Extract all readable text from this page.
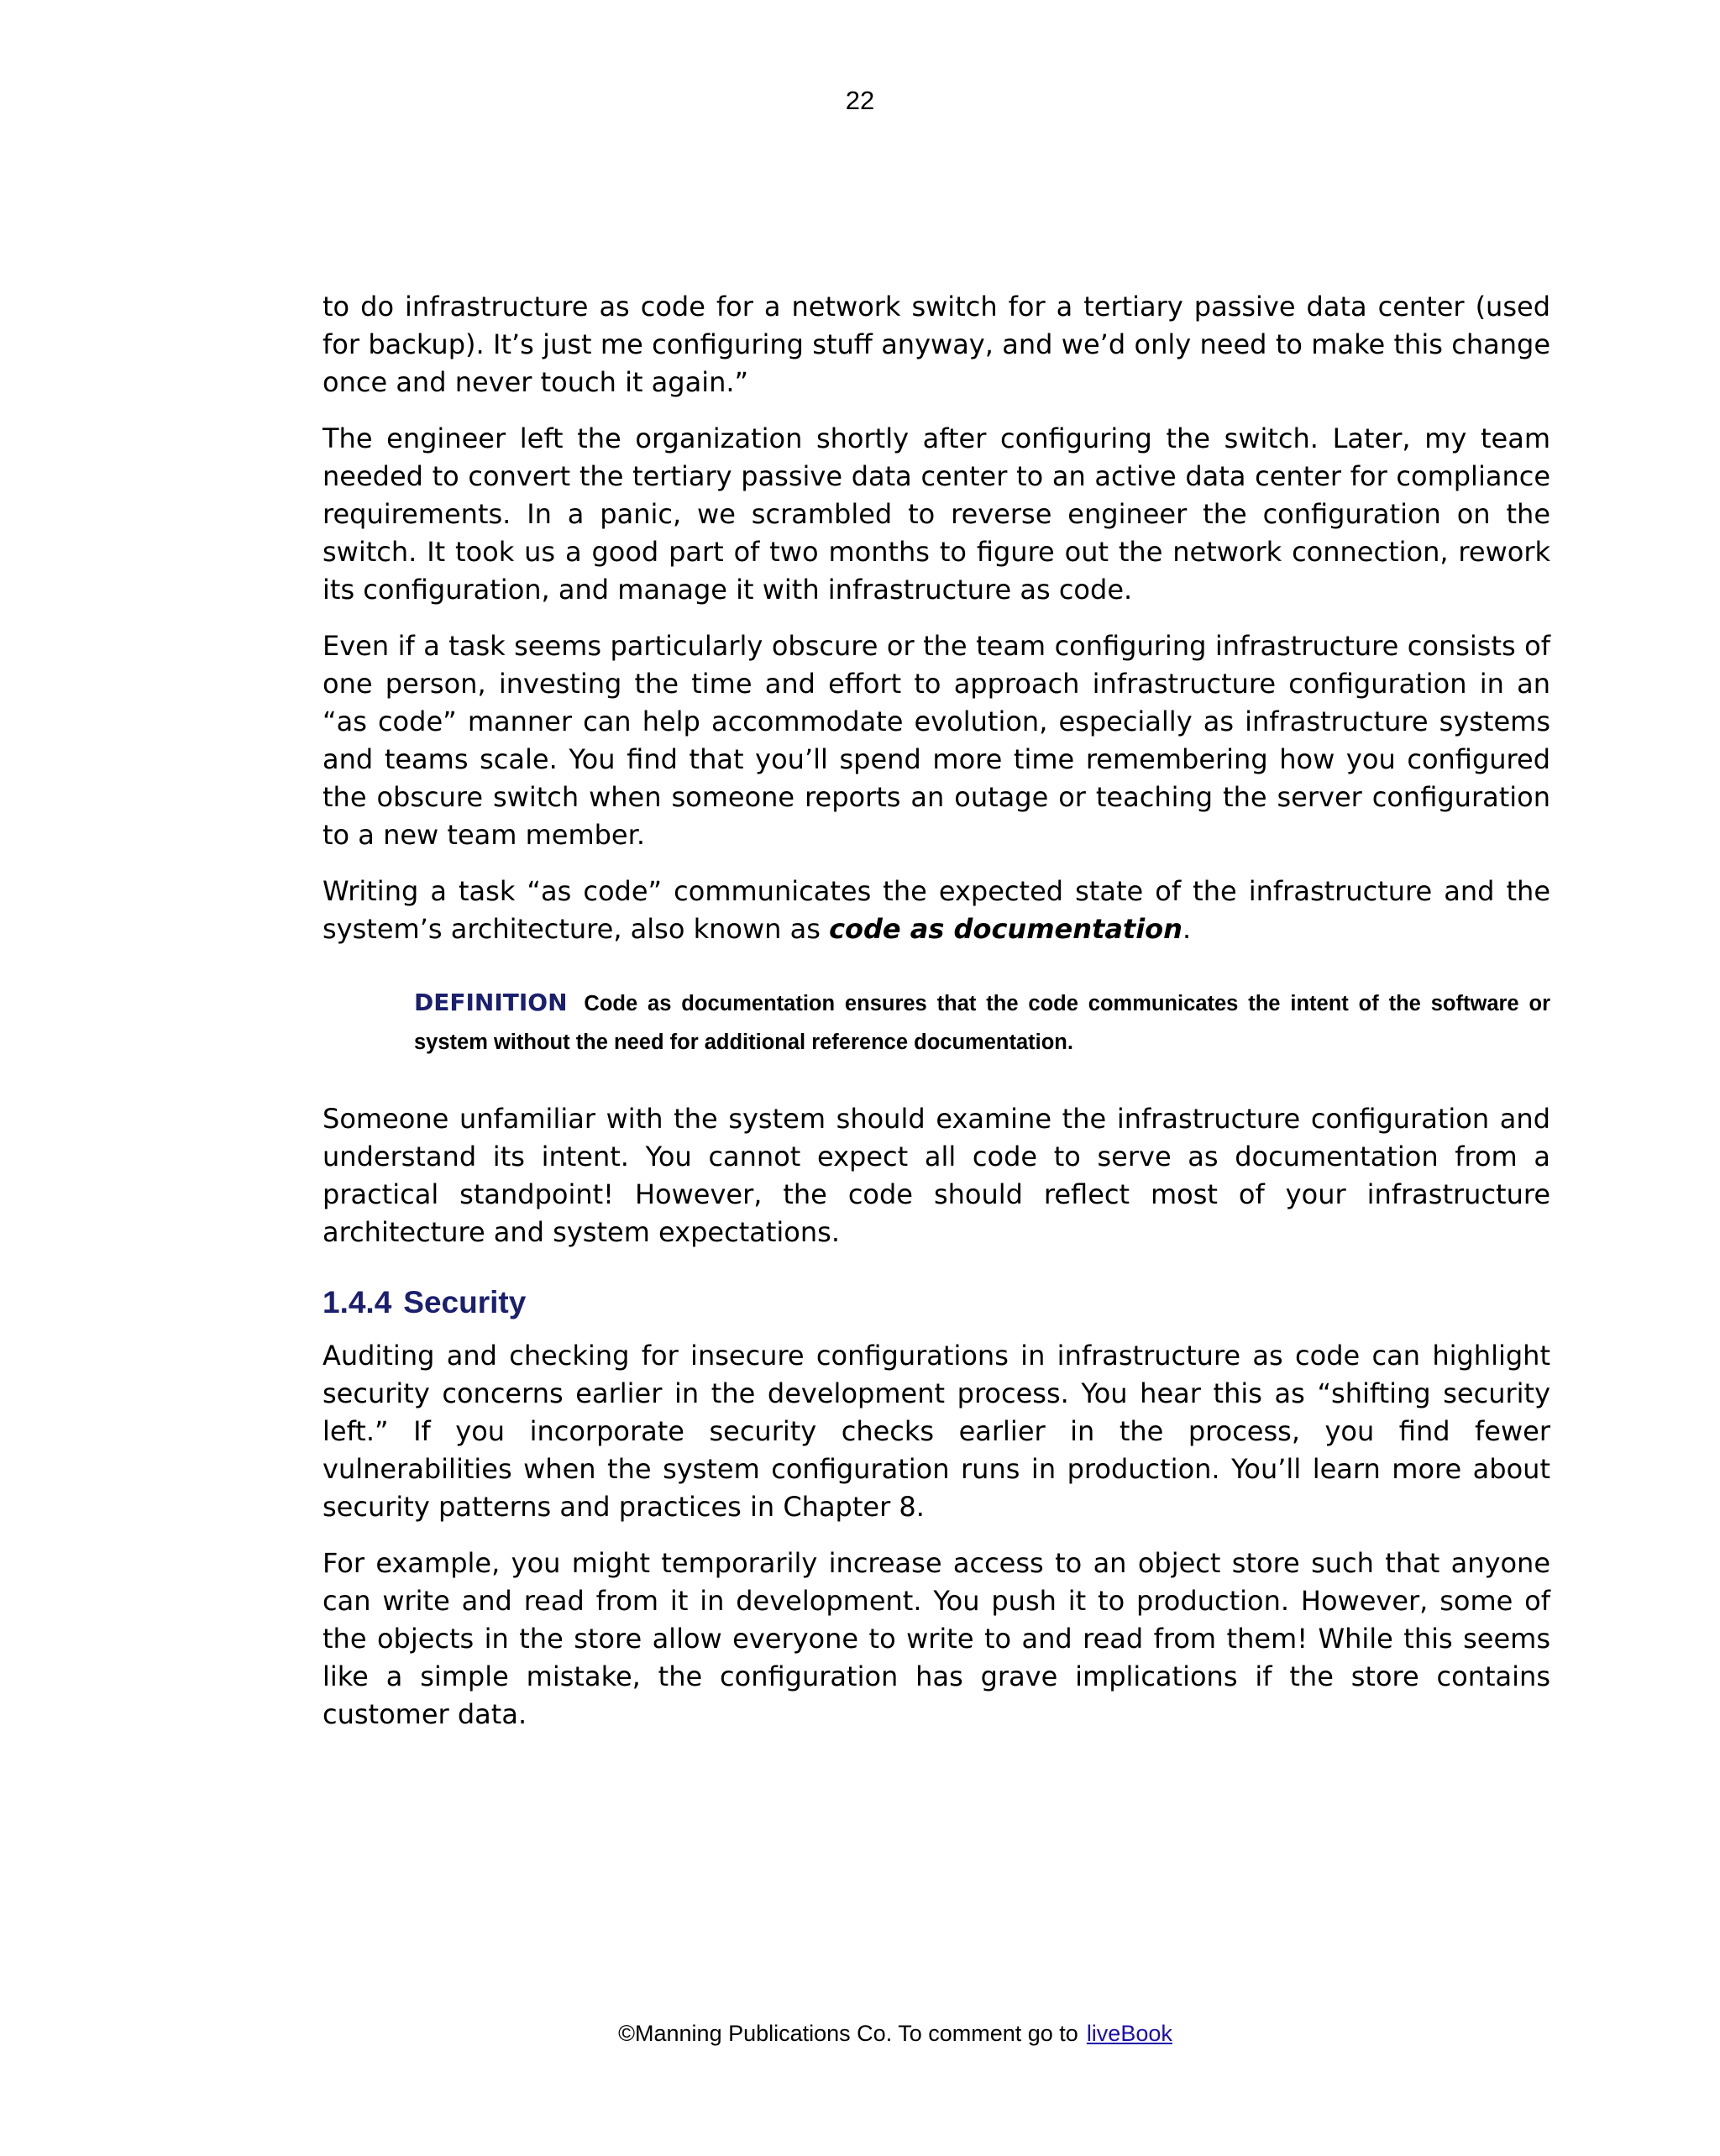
22

to do infrastructure as code for a network switch for a tertiary passive data center (used for backup). It’s just me configuring stuff anyway, and we’d only need to make this change once and never touch it again.”

The engineer left the organization shortly after configuring the switch. Later, my team needed to convert the tertiary passive data center to an active data center for compliance requirements. In a panic, we scrambled to reverse engineer the configuration on the switch. It took us a good part of two months to figure out the network connection, rework its configuration, and manage it with infrastructure as code.

Even if a task seems particularly obscure or the team configuring infrastructure consists of one person, investing the time and effort to approach infrastructure configuration in an “as code” manner can help accommodate evolution, especially as infrastructure systems and teams scale. You find that you’ll spend more time remembering how you configured the obscure switch when someone reports an outage or teaching the server configuration to a new team member.

Writing a task “as code” communicates the expected state of the infrastructure and the system’s architecture, also known as code as documentation.

DEFINITION Code as documentation ensures that the code communicates the intent of the software or system without the need for additional reference documentation.

Someone unfamiliar with the system should examine the infrastructure configuration and understand its intent. You cannot expect all code to serve as documentation from a practical standpoint! However, the code should reflect most of your infrastructure architecture and system expectations.

1.4.4 Security

Auditing and checking for insecure configurations in infrastructure as code can highlight security concerns earlier in the development process. You hear this as “shifting security left.” If you incorporate security checks earlier in the process, you find fewer vulnerabilities when the system configuration runs in production. You’ll learn more about security patterns and practices in Chapter 8.

For example, you might temporarily increase access to an object store such that anyone can write and read from it in development. You push it to production. However, some of the objects in the store allow everyone to write to and read from them! While this seems like a simple mistake, the configuration has grave implications if the store contains customer data.

©Manning Publications Co. To comment go to liveBook
